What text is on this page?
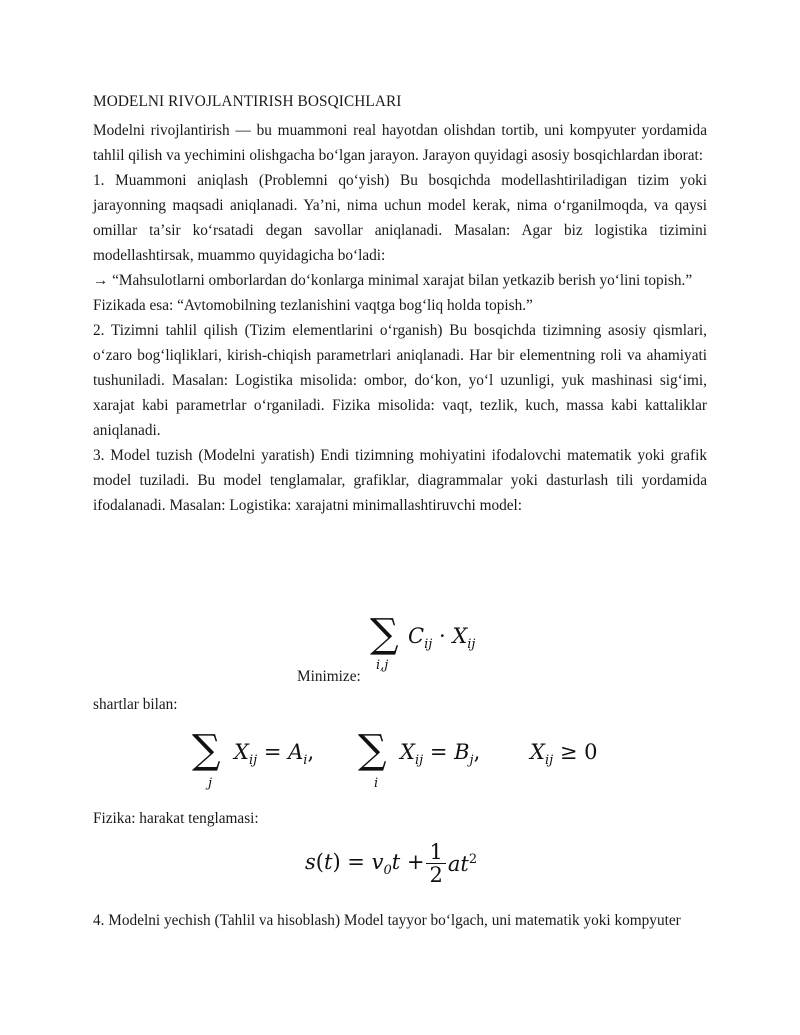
MODELNI RIVOJLANTIRISH BOSQICHLARI

Modelni rivojlantirish — bu muammoni real hayotdan olishdan tortib, uni kompyuter yordamida tahlil qilish va yechimini olishgacha boʻlgan jarayon. Jarayon quyidagi asosiy bosqichlardan iborat:

1. Muammoni aniqlash (Problemni qoʻyish) Bu bosqichda modellashtiriladigan tizim yoki jarayonning maqsadi aniqlanadi. Yaʼni, nima uchun model kerak, nima oʻrganilmoqda, va qaysi omillar taʼsir koʻrsatadi degan savollar aniqlanadi. Masalan: Agar biz logistika tizimini modellashtirsak, muammo quyidagicha boʻladi:

→ “Mahsulotlarni omborlardan doʻkonlarga minimal xarajat bilan yetkazib berish yoʻlini topish.”

Fizikada esa: “Avtomobilning tezlanishini vaqtga bogʻliq holda topish.”

2. Tizimni tahlil qilish (Tizim elementlarini oʻrganish) Bu bosqichda tizimning asosiy qismlari, oʻzaro bogʻliqliklari, kirish-chiqish parametrlari aniqlanadi. Har bir elementning roli va ahamiyati tushuniladi. Masalan: Logistika misolida: ombor, doʻkon, yoʻl uzunligi, yuk mashinasi sigʻimi, xarajat kabi parametrlar oʻrganiladi. Fizika misolida: vaqt, tezlik, kuch, massa kabi kattaliklar aniqlanadi.

3. Model tuzish (Modelni yaratish) Endi tizimning mohiyatini ifodalovchi matematik yoki grafik model tuziladi. Bu model tenglamalar, grafiklar, diagrammalar yoki dasturlash tili yordamida ifodalanadi. Masalan: Logistika: xarajatni minimallashtiruvchi model:

∑
i,j
$C_{ij} \cdot X_{ij}$
Minimize:
shartlar bilan:
∑
j
$X_{ij} = A_i$, ∑
i
$X_{ij} = B_j$, $X_{ij} \ge 0$
Fizika: harakat tenglamasi:
$s(t) = v_0t + \frac{1}{2} at^2$

4. Modelni yechish (Tahlil va hisoblash) Model tayyor boʻlgach, uni matematik yoki kompyuter
